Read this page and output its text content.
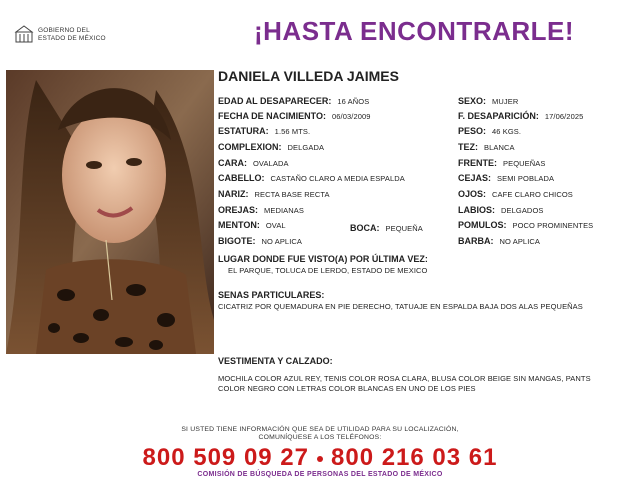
GOBIERNO DEL
ESTADO DE MÉXICO	¡HASTA ENCONTRARLE!
DANIELA VILLEDA JAIMES
EDAD AL DESAPARECER: 16 AÑOS
FECHA DE NACIMIENTO: 06/03/2009
ESTATURA: 1.56 MTS.
COMPLEXION: DELGADA
CARA: OVALADA
CABELLO: CASTAÑO CLARO A MEDIA ESPALDA
NARIZ: RECTA BASE RECTA
OREJAS: MEDIANAS
MENTON: OVAL	BOCA: PEQUEÑA
BIGOTE: NO APLICA
SEXO: MUJER
F. DESAPARICIÓN: 17/06/2025
PESO: 46 KGS.
TEZ: BLANCA
FRENTE: PEQUEÑAS
CEJAS: SEMI POBLADA
OJOS: CAFE CLARO CHICOS
LABIOS: DELGADOS
POMULOS: POCO PROMINENTES
BARBA: NO APLICA
LUGAR DONDE FUE VISTO(A) POR ÚLTIMA VEZ:
EL PARQUE, TOLUCA DE LERDO, ESTADO DE MEXICO
SENAS PARTICULARES:
CICATRIZ POR QUEMADURA EN PIE DERECHO, TATUAJE EN ESPALDA BAJA DOS ALAS PEQUEÑAS
VESTIMENTA Y CALZADO:
MOCHILA COLOR AZUL REY, TENIS COLOR ROSA CLARA, BLUSA COLOR BEIGE SIN MANGAS, PANTS COLOR NEGRO CON LETRAS COLOR BLANCAS EN UNO DE LOS PIES
SI USTED TIENE INFORMACIÓN QUE SEA DE UTILIDAD PARA SU LOCALIZACIÓN,
COMUNÍQUESE A LOS TELÉFONOS:
800 509 09 27 800 216 03 61
COMISIÓN DE BÚSQUEDA DE PERSONAS DEL ESTADO DE MÉXICO
